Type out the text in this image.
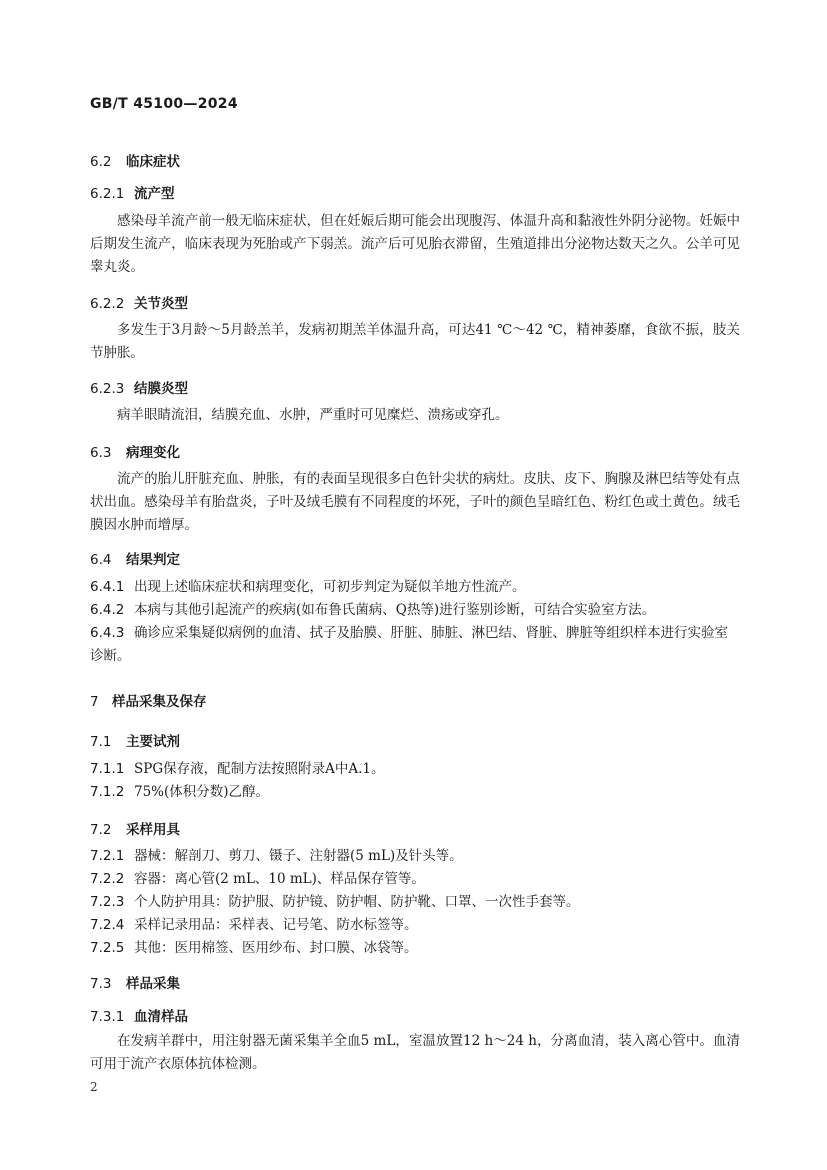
GB/T 45100—2024
6.2 临床症状
6.2.1 流产型

感染母羊流产前一般无临床症状，但在妊娠后期可能会出现腹泻、体温升高和黏液性外阴分泌物。妊娠中后期发生流产，临床表现为死胎或产下弱羔。流产后可见胎衣滞留，生殖道排出分泌物达数天之久。公羊可见睾丸炎。

6.2.2 关节炎型

多发生于3月龄～5月龄羔羊，发病初期羔羊体温升高，可达41 ℃～42 ℃，精神萎靡，食欲不振，肢关节肿胀。

6.2.3 结膜炎型

病羊眼睛流泪，结膜充血、水肿，严重时可见糜烂、溃疡或穿孔。

6.3 病理变化

流产的胎儿肝脏充血、肿胀，有的表面呈现很多白色针尖状的病灶。皮肤、皮下、胸腺及淋巴结等处有点状出血。感染母羊有胎盘炎，子叶及绒毛膜有不同程度的坏死，子叶的颜色呈暗红色、粉红色或土黄色。绒毛膜因水肿而增厚。

6.4 结果判定

6.4.1 出现上述临床症状和病理变化，可初步判定为疑似羊地方性流产。

6.4.2 本病与其他引起流产的疾病(如布鲁氏菌病、Q热等)进行鉴别诊断，可结合实验室方法。

6.4.3 确诊应采集疑似病例的血清、拭子及胎膜、肝脏、肺脏、淋巴结、肾脏、脾脏等组织样本进行实验室诊断。

7 样品采集及保存
7.1 主要试剂

7.1.1 SPG保存液，配制方法按照附录A中A.1。

7.1.2 75%(体积分数)乙醇。

7.2 采样用具

7.2.1 器械：解剖刀、剪刀、镊子、注射器(5 mL)及针头等。

7.2.2 容器：离心管(2 mL、10 mL)、样品保存管等。

7.2.3 个人防护用具：防护服、防护镜、防护帽、防护靴、口罩、一次性手套等。

7.2.4 采样记录用品：采样表、记号笔、防水标签等。

7.2.5 其他：医用棉签、医用纱布、封口膜、冰袋等。

7.3 样品采集
7.3.1 血清样品

在发病羊群中，用注射器无菌采集羊全血5 mL，室温放置12 h～24 h，分离血清，装入离心管中。血清可用于流产衣原体抗体检测。

2
